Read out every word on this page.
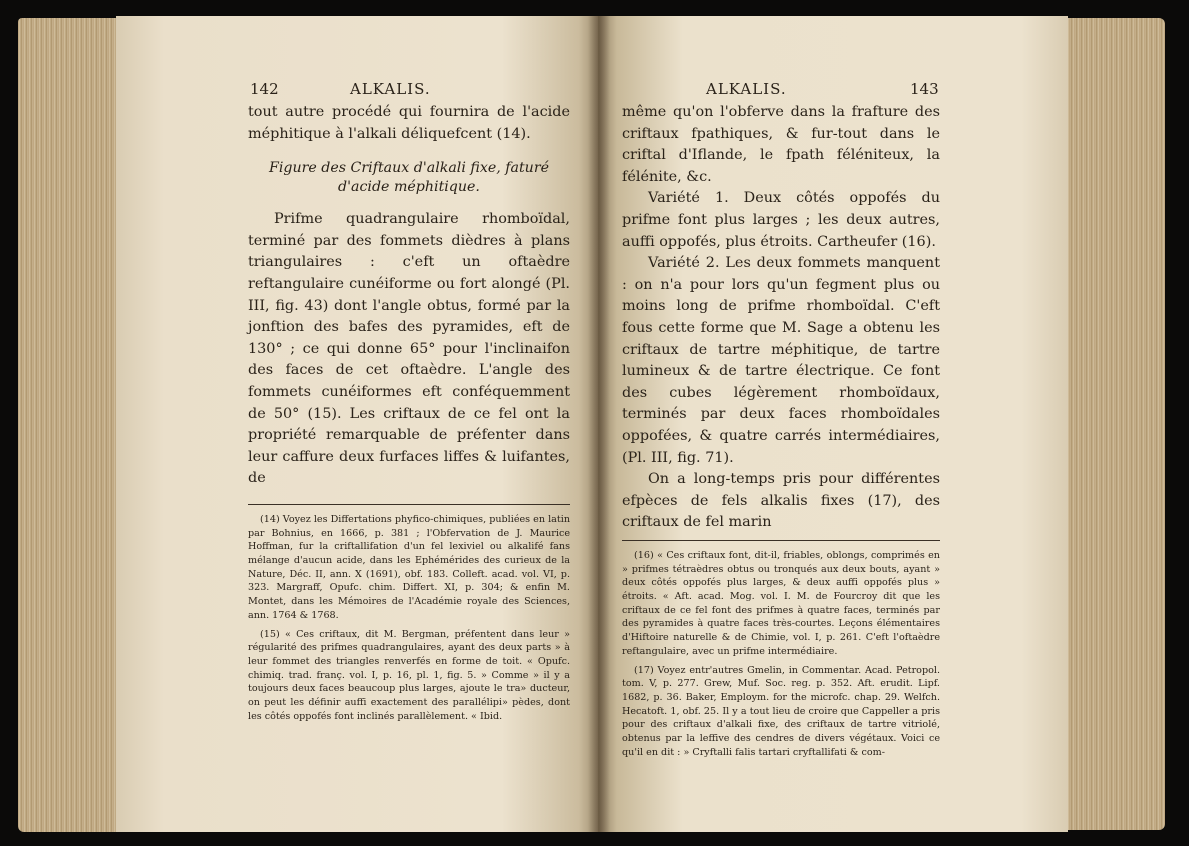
142	ALKALIS.

tout autre procédé qui fournira de l'acide méphitique à l'alkali déliquefcent (14).

Figure des Criftaux d'alkali fixe, faturé d'acide méphitique.

Prifme quadrangulaire rhomboïdal, terminé par des fommets dièdres à plans triangulaires : c'eft un oftaèdre reftangulaire cunéiforme ou fort alongé (Pl. III, fig. 43) dont l'angle obtus, formé par la jonftion des bafes des pyramides, eft de 130° ; ce qui donne 65° pour l'inclinaifon des faces de cet oftaèdre. L'angle des fommets cunéiformes eft conféquemment de 50° (15). Les criftaux de ce fel ont la propriété remarquable de préfenter dans leur caffure deux furfaces liffes & luifantes, de

(14) Voyez les Differtations phyfico-chimiques, publiées en latin par Bohnius, en 1666, p. 381 ; l'Obfervation de J. Maurice Hoffman, fur la criftallifation d'un fel lexiviel ou alkalifé fans mélange d'aucun acide, dans les Ephémérides des curieux de la Nature, Déc. II, ann. X (1691), obf. 183. Colleft. acad. vol. VI, p. 323. Margraff, Opufc. chim. Differt. XI, p. 304; & enfin M. Montet, dans les Mémoires de l'Académie royale des Sciences, ann. 1764 & 1768.

(15) « Ces criftaux, dit M. Bergman, préfentent dans leur » régularité des prifmes quadrangulaires, ayant des deux parts » à leur fommet des triangles renverfés en forme de toit. « Opufc. chimiq. trad. franç. vol. I, p. 16, pl. 1, fig. 5. » Comme » il y a toujours deux faces beaucoup plus larges, ajoute le tra» ducteur, on peut les définir auffi exactement des parallélipi» pèdes, dont les côtés oppofés font inclinés parallèlement. « Ibid.

ALKALIS.	143

même qu'on l'obferve dans la frafture des criftaux fpathiques, & fur-tout dans le criftal d'Iflande, le fpath féléniteux, la félénite, &c.

Variété 1. Deux côtés oppofés du prifme font plus larges ; les deux autres, auffi oppofés, plus étroits. Cartheufer (16).

Variété 2. Les deux fommets manquent : on n'a pour lors qu'un fegment plus ou moins long de prifme rhomboïdal. C'eft fous cette forme que M. Sage a obtenu les criftaux de tartre méphitique, de tartre lumineux & de tartre électrique. Ce font des cubes légèrement rhomboïdaux, terminés par deux faces rhomboïdales oppofées, & quatre carrés intermédiaires, (Pl. III, fig. 71).

On a long-temps pris pour différentes efpèces de fels alkalis fixes (17), des criftaux de fel marin

(16) « Ces criftaux font, dit-il, friables, oblongs, comprimés en » prifmes tétraèdres obtus ou tronqués aux deux bouts, ayant » deux côtés oppofés plus larges, & deux auffi oppofés plus » étroits. « Aft. acad. Mog. vol. I. M. de Fourcroy dit que les criftaux de ce fel font des prifmes à quatre faces, terminés par des pyramides à quatre faces très-courtes. Leçons élémentaires d'Hiftoire naturelle & de Chimie, vol. I, p. 261. C'eft l'oftaèdre reftangulaire, avec un prifme intermédiaire.

(17) Voyez entr'autres Gmelin, in Commentar. Acad. Petropol. tom. V, p. 277. Grew, Muf. Soc. reg. p. 352. Aft. erudit. Lipf. 1682, p. 36. Baker, Employm. for the microfc. chap. 29. Welfch. Hecatoft. 1, obf. 25. Il y a tout lieu de croire que Cappeller a pris pour des criftaux d'alkali fixe, des criftaux de tartre vitriolé, obtenus par la leffive des cendres de divers végétaux. Voici ce qu'il en dit : » Cryftalli falis tartari cryftallifati & com-
